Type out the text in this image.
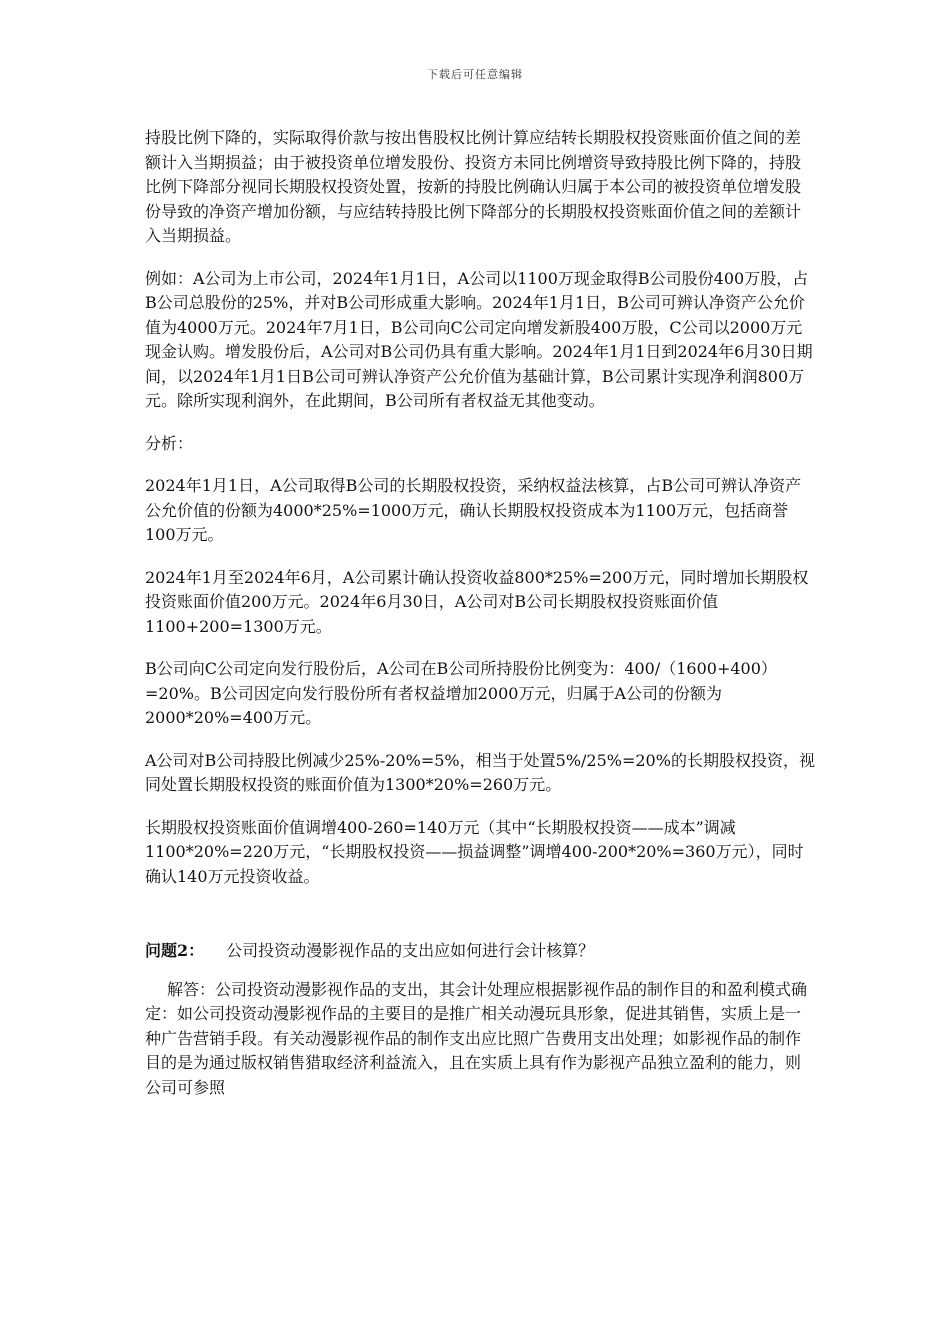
下载后可任意编辑

持股比例下降的，实际取得价款与按出售股权比例计算应结转长期股权投资账面价值之间的差额计入当期损益；由于被投资单位增发股份、投资方未同比例增资导致持股比例下降的，持股比例下降部分视同长期股权投资处置，按新的持股比例确认归属于本公司的被投资单位增发股份导致的净资产增加份额，与应结转持股比例下降部分的长期股权投资账面价值之间的差额计入当期损益。

例如：A公司为上市公司，2024年1月1日，A公司以1100万现金取得B公司股份400万股，占B公司总股份的25%，并对B公司形成重大影响。2024年1月1日，B公司可辨认净资产公允价值为4000万元。2024年7月1日，B公司向C公司定向增发新股400万股，C公司以2000万元现金认购。增发股份后，A公司对B公司仍具有重大影响。2024年1月1日到2024年6月30日期间，以2024年1月1日B公司可辨认净资产公允价值为基础计算，B公司累计实现净利润800万元。除所实现利润外，在此期间，B公司所有者权益无其他变动。

分析：

2024年1月1日，A公司取得B公司的长期股权投资，采纳权益法核算，占B公司可辨认净资产公允价值的份额为4000*25%=1000万元，确认长期股权投资成本为1100万元，包括商誉100万元。

2024年1月至2024年6月，A公司累计确认投资收益800*25%=200万元，同时增加长期股权投资账面价值200万元。2024年6月30日，A公司对B公司长期股权投资账面价值1100+200=1300万元。

B公司向C公司定向发行股份后，A公司在B公司所持股份比例变为：400/（1600+400）=20%。B公司因定向发行股份所有者权益增加2000万元，归属于A公司的份额为2000*20%=400万元。

A公司对B公司持股比例减少25%-20%=5%，相当于处置5%/25%=20%的长期股权投资，视同处置长期股权投资的账面价值为1300*20%=260万元。

长期股权投资账面价值调增400-260=140万元（其中“长期股权投资——成本”调减1100*20%=220万元，“长期股权投资——损益调整”调增400-200*20%=360万元），同时确认140万元投资收益。

问题2： 公司投资动漫影视作品的支出应如何进行会计核算？

解答：公司投资动漫影视作品的支出，其会计处理应根据影视作品的制作目的和盈利模式确定：如公司投资动漫影视作品的主要目的是推广相关动漫玩具形象，促进其销售，实质上是一种广告营销手段。有关动漫影视作品的制作支出应比照广告费用支出处理；如影视作品的制作目的是为通过版权销售猎取经济利益流入，且在实质上具有作为影视产品独立盈利的能力，则公司可参照
